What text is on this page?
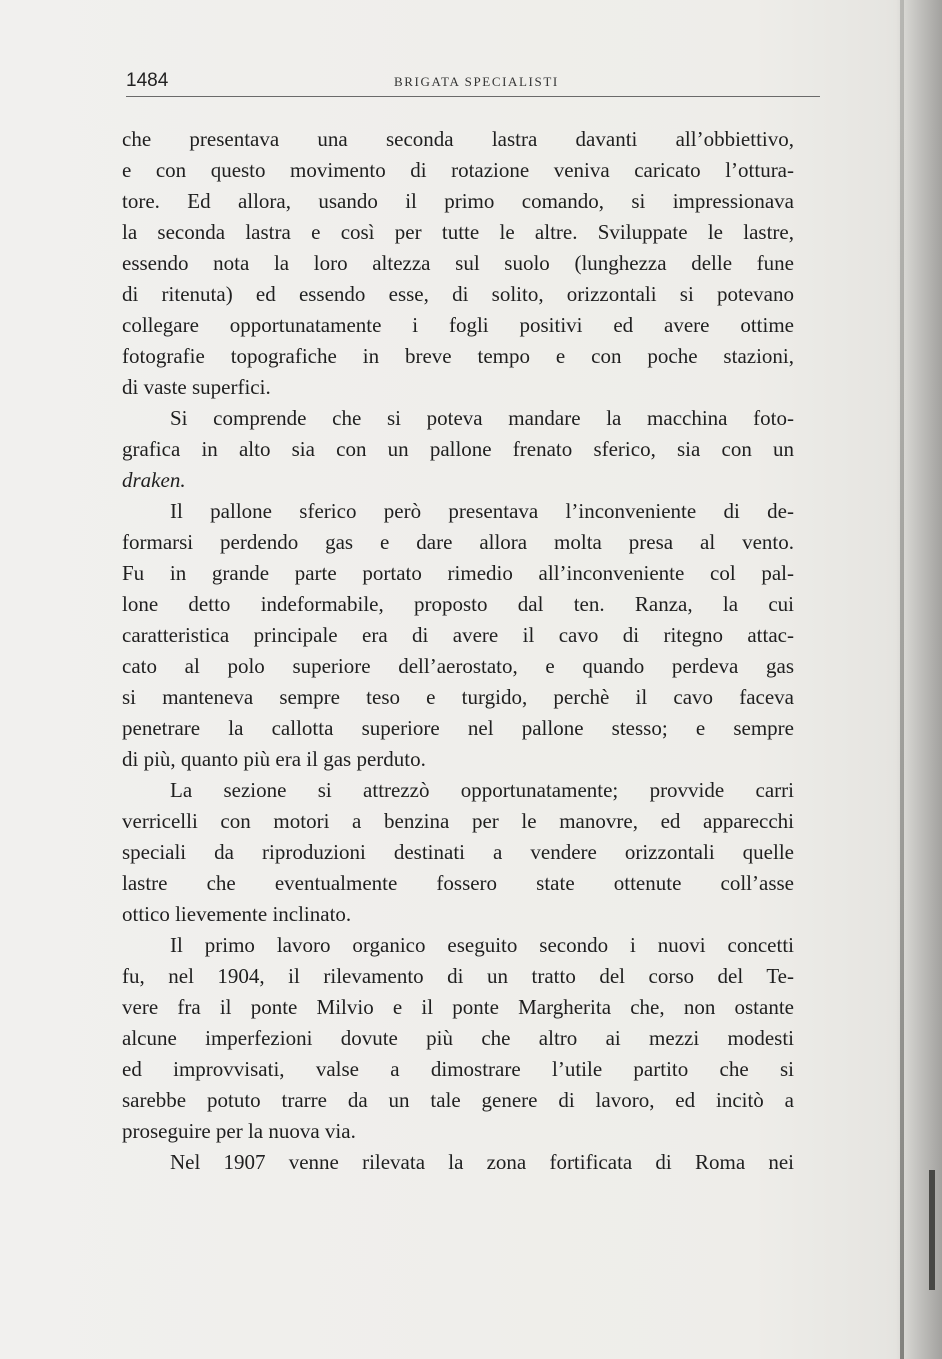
1484	BRIGATA SPECIALISTI
che presentava una seconda lastra davanti all’obbiettivo,
e con questo movimento di rotazione veniva caricato l’ottura-
tore. Ed allora, usando il primo comando, si impressionava
la seconda lastra e così per tutte le altre. Sviluppate le lastre,
essendo nota la loro altezza sul suolo (lunghezza delle fune
di ritenuta) ed essendo esse, di solito, orizzontali si potevano
collegare opportunatamente i fogli positivi ed avere ottime
fotografie topografiche in breve tempo e con poche stazioni,
di vaste superfici.
Si comprende che si poteva mandare la macchina foto-
grafica in alto sia con un pallone frenato sferico, sia con un
draken.
Il pallone sferico però presentava l’inconveniente di de-
formarsi perdendo gas e dare allora molta presa al vento.
Fu in grande parte portato rimedio all’inconveniente col pal-
lone detto indeformabile, proposto dal ten. Ranza, la cui
caratteristica principale era di avere il cavo di ritegno attac-
cato al polo superiore dell’aerostato, e quando perdeva gas
si manteneva sempre teso e turgido, perchè il cavo faceva
penetrare la callotta superiore nel pallone stesso; e sempre
di più, quanto più era il gas perduto.
La sezione si attrezzò opportunatamente; provvide carri
verricelli con motori a benzina per le manovre, ed apparecchi
speciali da riproduzioni destinati a vendere orizzontali quelle
lastre che eventualmente fossero state ottenute coll’asse
ottico lievemente inclinato.
Il primo lavoro organico eseguito secondo i nuovi concetti
fu, nel 1904, il rilevamento di un tratto del corso del Te-
vere fra il ponte Milvio e il ponte Margherita che, non ostante
alcune imperfezioni dovute più che altro ai mezzi modesti
ed improvvisati, valse a dimostrare l’utile partito che si
sarebbe potuto trarre da un tale genere di lavoro, ed incitò a
proseguire per la nuova via.
Nel 1907 venne rilevata la zona fortificata di Roma nei
